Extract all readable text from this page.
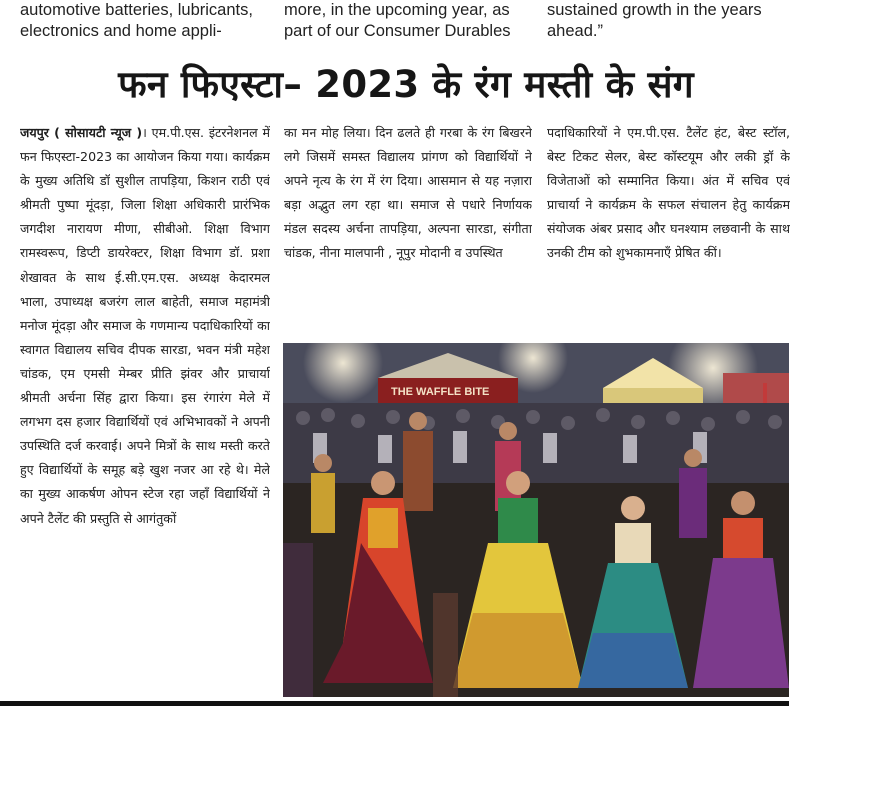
automotive batteries, lubricants, electronics and home appli-
more, in the upcoming year, as part of our Consumer Durables
sustained growth in the years ahead.”
फन फिएस्टा– 2023 के रंग मस्ती के संग
जयपुर ( सोसायटी न्यूज )। एम.पी.एस. इंटरनेशनल में फन फिएस्टा-2023 का आयोजन किया गया। कार्यक्रम के मुख्य अतिथि डॉ सुशील तापड़िया, किशन राठी एवं श्रीमती पुष्पा मूंदड़ा, जिला शिक्षा अधिकारी प्रारंभिक जगदीश नारायण मीणा, सीबीओ. शिक्षा विभाग रामस्वरूप, डिप्टी डायरेक्टर, शिक्षा विभाग डॉ. प्रशा शेखावत के साथ ई.सी.एम.एस. अध्यक्ष केदारमल भाला, उपाध्यक्ष बजरंग लाल बाहेती, समाज महामंत्री मनोज मूंदड़ा और समाज के गणमान्य पदाधिकारियों का स्वागत विद्यालय सचिव दीपक सारडा, भवन मंत्री महेश चांडक, एम एमसी मेम्बर प्रीति झंवर और प्राचार्या श्रीमती अर्चना सिंह द्वारा किया। इस रंगारंग मेले में लगभग दस हजार विद्यार्थियों एवं अभिभावकों ने अपनी उपस्थिति दर्ज करवाई। अपने मित्रों के साथ मस्ती करते हुए विद्यार्थियों के समूह बड़े खुश नजर आ रहे थे। मेले का मुख्य आकर्षण ओपन स्टेज रहा जहाँ विद्यार्थियों ने अपने टैलेंट की प्रस्तुति से आगंतुकों
का मन मोह लिया। दिन ढलते ही गरबा के रंग बिखरने लगे जिसमें समस्त विद्यालय प्रांगण को विद्यार्थियों ने अपने नृत्य के रंग में रंग दिया। आसमान से यह नज़ारा बड़ा अद्भुत लग रहा था। समाज से पधारे निर्णायक मंडल सदस्य अर्चना तापड़िया, अल्पना सारडा, संगीता चांडक, नीना मालपानी , नूपुर मोदानी व उपस्थित
पदाधिकारियों ने एम.पी.एस. टैलेंट हंट, बेस्ट स्टॉल, बेस्ट टिकट सेलर, बेस्ट कॉस्टयूम और लकी ड्रॉ के विजेताओं को सम्मानित किया। अंत में सचिव एवं प्राचार्या ने कार्यक्रम के सफल संचालन हेतु कार्यक्रम संयोजक अंबर प्रसाद और घनश्याम लछवानी के साथ उनकी टीम को शुभकामनाएँ प्रेषित कीं।
THE WAFFLE BITE
